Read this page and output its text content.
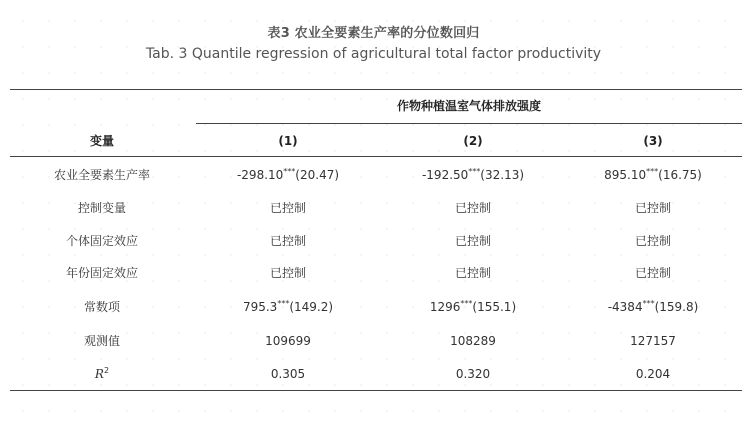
表3 农业全要素生产率的分位数回归
Tab. 3 Quantile regression of agricultural total factor productivity
作物种植温室气体排放强度
变量	(1)	(2)	(3)
农业全要素生产率	-298.10***(20.47)	-192.50***(32.13)	895.10***(16.75)
控制变量	已控制	已控制	已控制
个体固定效应	已控制	已控制	已控制
年份固定效应	已控制	已控制	已控制
常数项	795.3***(149.2)	1296***(155.1)	-4384***(159.8)
观测值	109699	108289	127157
$R^2$	0.305	0.320	0.204
